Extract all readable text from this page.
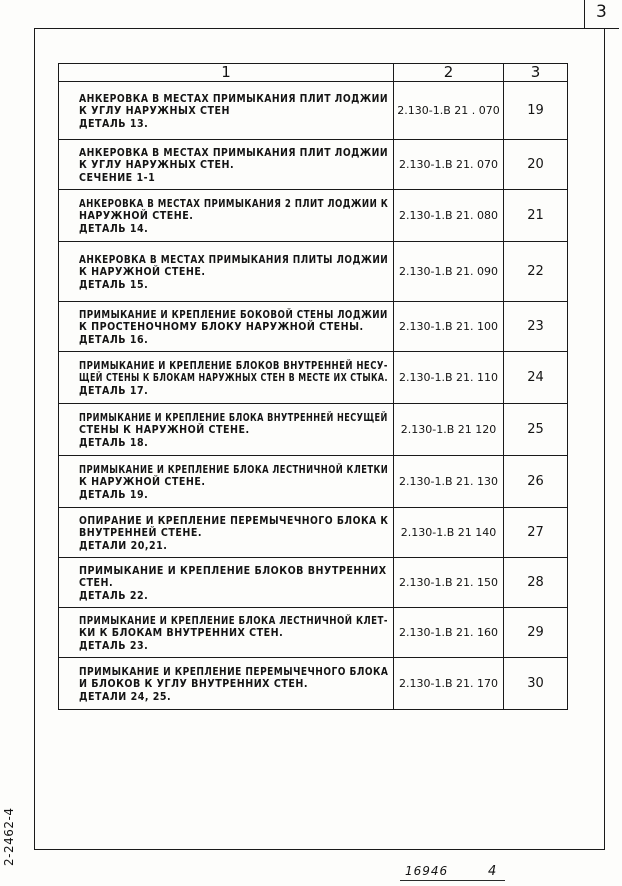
3
1	2	3

АНКЕРОВКА В МЕСТАХ ПРИМЫКАНИЯ ПЛИТ ЛОДЖИИ
К УГЛУ НАРУЖНЫХ СТЕН
ДЕТАЛЬ 13.	2.130-1.В 21 . 070	19

АНКЕРОВКА В МЕСТАХ ПРИМЫКАНИЯ ПЛИТ ЛОДЖИИ
К УГЛУ НАРУЖНЫХ СТЕН.
СЕЧЕНИЕ 1-1	2.130-1.В 21. 070	20

АНКЕРОВКА В МЕСТАХ ПРИМЫКАНИЯ 2 ПЛИТ ЛОДЖИИ К
НАРУЖНОЙ СТЕНЕ.
ДЕТАЛЬ 14.	2.130-1.В 21. 080	21

АНКЕРОВКА В МЕСТАХ ПРИМЫКАНИЯ ПЛИТЫ ЛОДЖИИ
К НАРУЖНОЙ СТЕНЕ.
ДЕТАЛЬ 15.	2.130-1.В 21. 090	22

ПРИМЫКАНИЕ И КРЕПЛЕНИЕ БОКОВОЙ СТЕНЫ ЛОДЖИИ
К ПРОСТЕНОЧНОМУ БЛОКУ НАРУЖНОЙ СТЕНЫ.
ДЕТАЛЬ 16.	2.130-1.В 21. 100	23

ПРИМЫКАНИЕ И КРЕПЛЕНИЕ БЛОКОВ ВНУТРЕННЕЙ НЕСУ-
ЩЕЙ СТЕНЫ К БЛОКАМ НАРУЖНЫХ СТЕН В МЕСТЕ ИХ СТЫКА.
ДЕТАЛЬ 17.	2.130-1.В 21. 110	24

ПРИМЫКАНИЕ И КРЕПЛЕНИЕ БЛОКА ВНУТРЕННЕЙ НЕСУЩЕЙ
СТЕНЫ К НАРУЖНОЙ СТЕНЕ.
ДЕТАЛЬ 18.	2.130-1.В 21 120	25

ПРИМЫКАНИЕ И КРЕПЛЕНИЕ БЛОКА ЛЕСТНИЧНОЙ КЛЕТКИ
К НАРУЖНОЙ СТЕНЕ.
ДЕТАЛЬ 19.	2.130-1.В 21. 130	26

ОПИРАНИЕ И КРЕПЛЕНИЕ ПЕРЕМЫЧЕЧНОГО БЛОКА К
ВНУТРЕННЕЙ СТЕНЕ.
ДЕТАЛИ 20,21.	2.130-1.В 21 140	27

ПРИМЫКАНИЕ И КРЕПЛЕНИЕ БЛОКОВ ВНУТРЕННИХ
СТЕН.
ДЕТАЛЬ 22.	2.130-1.В 21. 150	28

ПРИМЫКАНИЕ И КРЕПЛЕНИЕ БЛОКА ЛЕСТНИЧНОЙ КЛЕТ-
КИ К БЛОКАМ ВНУТРЕННИХ СТЕН.
ДЕТАЛЬ 23.	2.130-1.В 21. 160	29

ПРИМЫКАНИЕ И КРЕПЛЕНИЕ ПЕРЕМЫЧЕЧНОГО БЛОКА
И БЛОКОВ К УГЛУ ВНУТРЕННИХ СТЕН.
ДЕТАЛИ 24, 25.	2.130-1.В 21. 170	30
2-2462-4
16946	4
